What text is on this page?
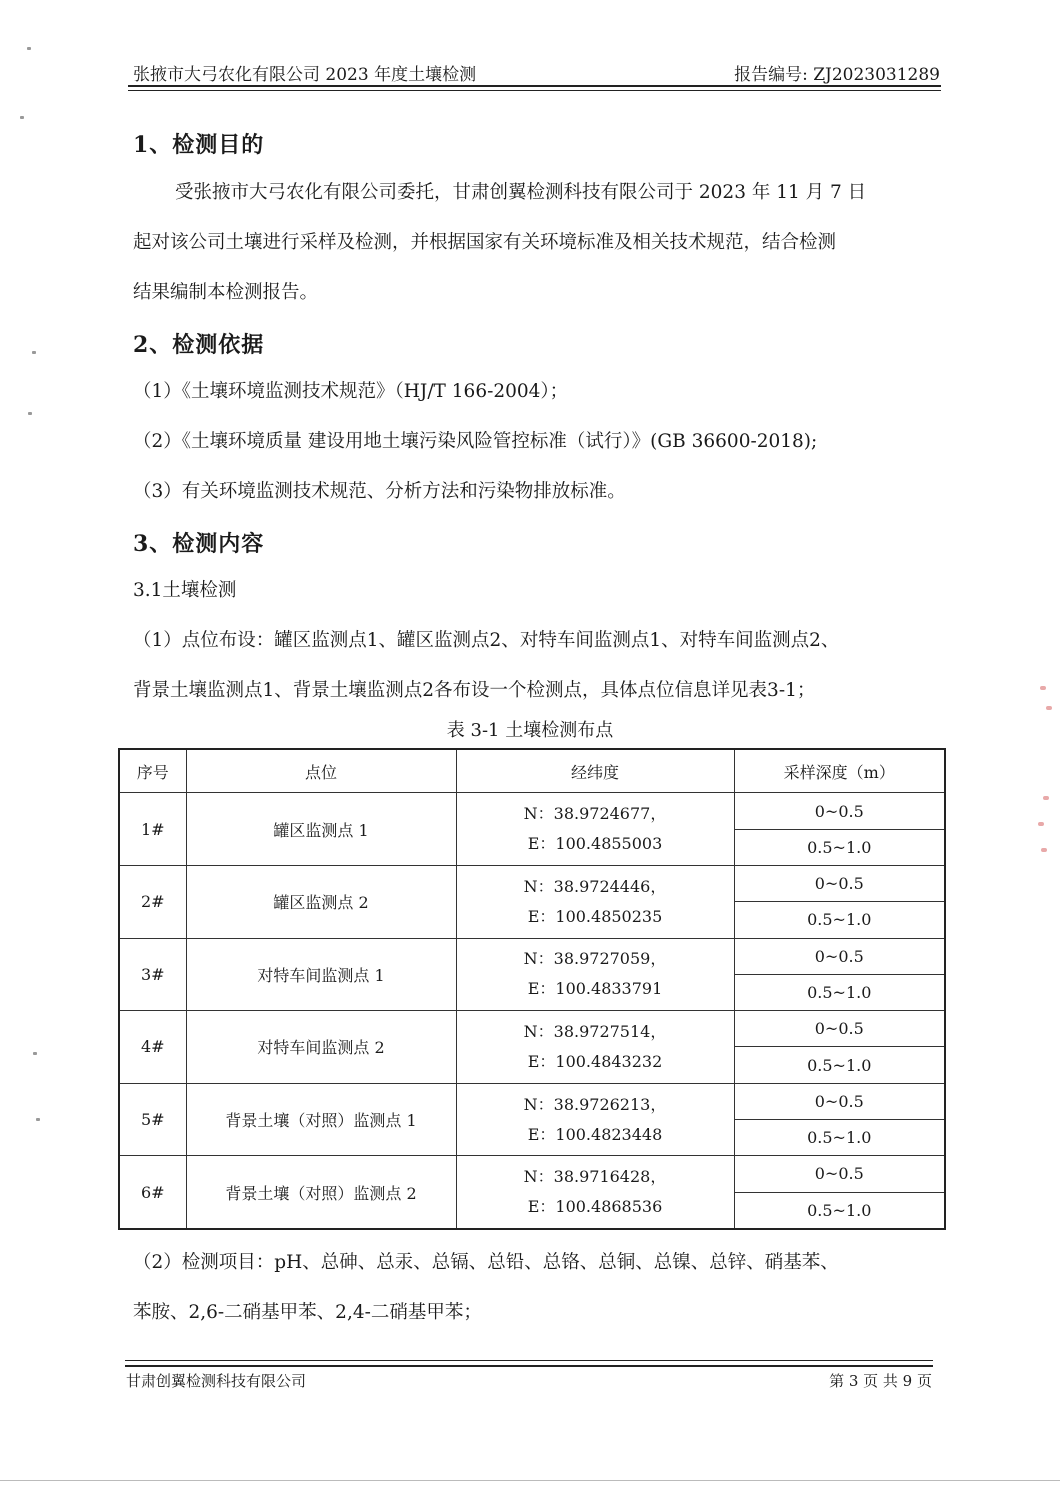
张掖市大弓农化有限公司 2023 年度土壤检测	报告编号: ZJ2023031289
1、检测目的
受张掖市大弓农化有限公司委托，甘肃创翼检测科技有限公司于 2023 年 11 月 7 日
起对该公司土壤进行采样及检测，并根据国家有关环境标准及相关技术规范，结合检测
结果编制本检测报告。
2、检测依据
（1）《土壤环境监测技术规范》（HJ/T 166-2004）；
（2）《土壤环境质量 建设用地土壤污染风险管控标准（试行）》(GB 36600-2018);
（3）有关环境监测技术规范、分析方法和污染物排放标准。
3、检测内容
3.1土壤检测
（1）点位布设：罐区监测点1、罐区监测点2、对特车间监测点1、对特车间监测点2、
背景土壤监测点1、背景土壤监测点2各布设一个检测点，具体点位信息详见表3-1；
表 3-1 土壤检测布点
序号	点位	经纬度	采样深度（m）
1#	罐区监测点 1	N：38.9724677，
E：100.4855003	0~0.5
			0.5~1.0
2#	罐区监测点 2	N：38.9724446，
E：100.4850235	0~0.5
			0.5~1.0
3#	对特车间监测点 1	N：38.9727059，
E：100.4833791	0~0.5
			0.5~1.0
4#	对特车间监测点 2	N：38.9727514，
E：100.4843232	0~0.5
			0.5~1.0
5#	背景土壤（对照）监测点 1	N：38.9726213，
E：100.4823448	0~0.5
			0.5~1.0
6#	背景土壤（对照）监测点 2	N：38.9716428，
E：100.4868536	0~0.5
			0.5~1.0
（2）检测项目：pH、总砷、总汞、总镉、总铅、总铬、总铜、总镍、总锌、硝基苯、
苯胺、2,6-二硝基甲苯、2,4-二硝基甲苯；
甘肃创翼检测科技有限公司	第 3 页 共 9 页
